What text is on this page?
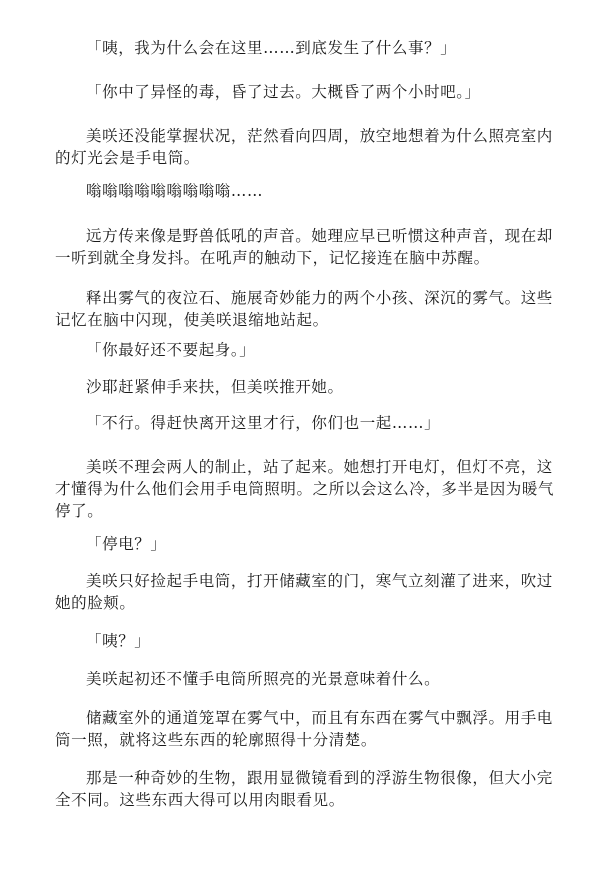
「咦，我为什么会在这里……到底发生了什么事？」

「你中了异怪的毒，昏了过去。大概昏了两个小时吧。」

美咲还没能掌握状况，茫然看向四周，放空地想着为什么照亮室内的灯光会是手电筒。

嗡嗡嗡嗡嗡嗡嗡嗡嗡……

远方传来像是野兽低吼的声音。她理应早已听惯这种声音，现在却一听到就全身发抖。在吼声的触动下，记忆接连在脑中苏醒。

释出雾气的夜泣石、施展奇妙能力的两个小孩、深沉的雾气。这些记忆在脑中闪现，使美咲退缩地站起。

「你最好还不要起身。」

沙耶赶紧伸手来扶，但美咲推开她。

「不行。得赶快离开这里才行，你们也一起……」

美咲不理会两人的制止，站了起来。她想打开电灯，但灯不亮，这才懂得为什么他们会用手电筒照明。之所以会这么冷，多半是因为暖气停了。

「停电？」

美咲只好捡起手电筒，打开储藏室的门，寒气立刻灌了进来，吹过她的脸颊。

「咦？」

美咲起初还不懂手电筒所照亮的光景意味着什么。

储藏室外的通道笼罩在雾气中，而且有东西在雾气中飘浮。用手电筒一照，就将这些东西的轮廓照得十分清楚。

那是一种奇妙的生物，跟用显微镜看到的浮游生物很像，但大小完全不同。这些东西大得可以用肉眼看见。
